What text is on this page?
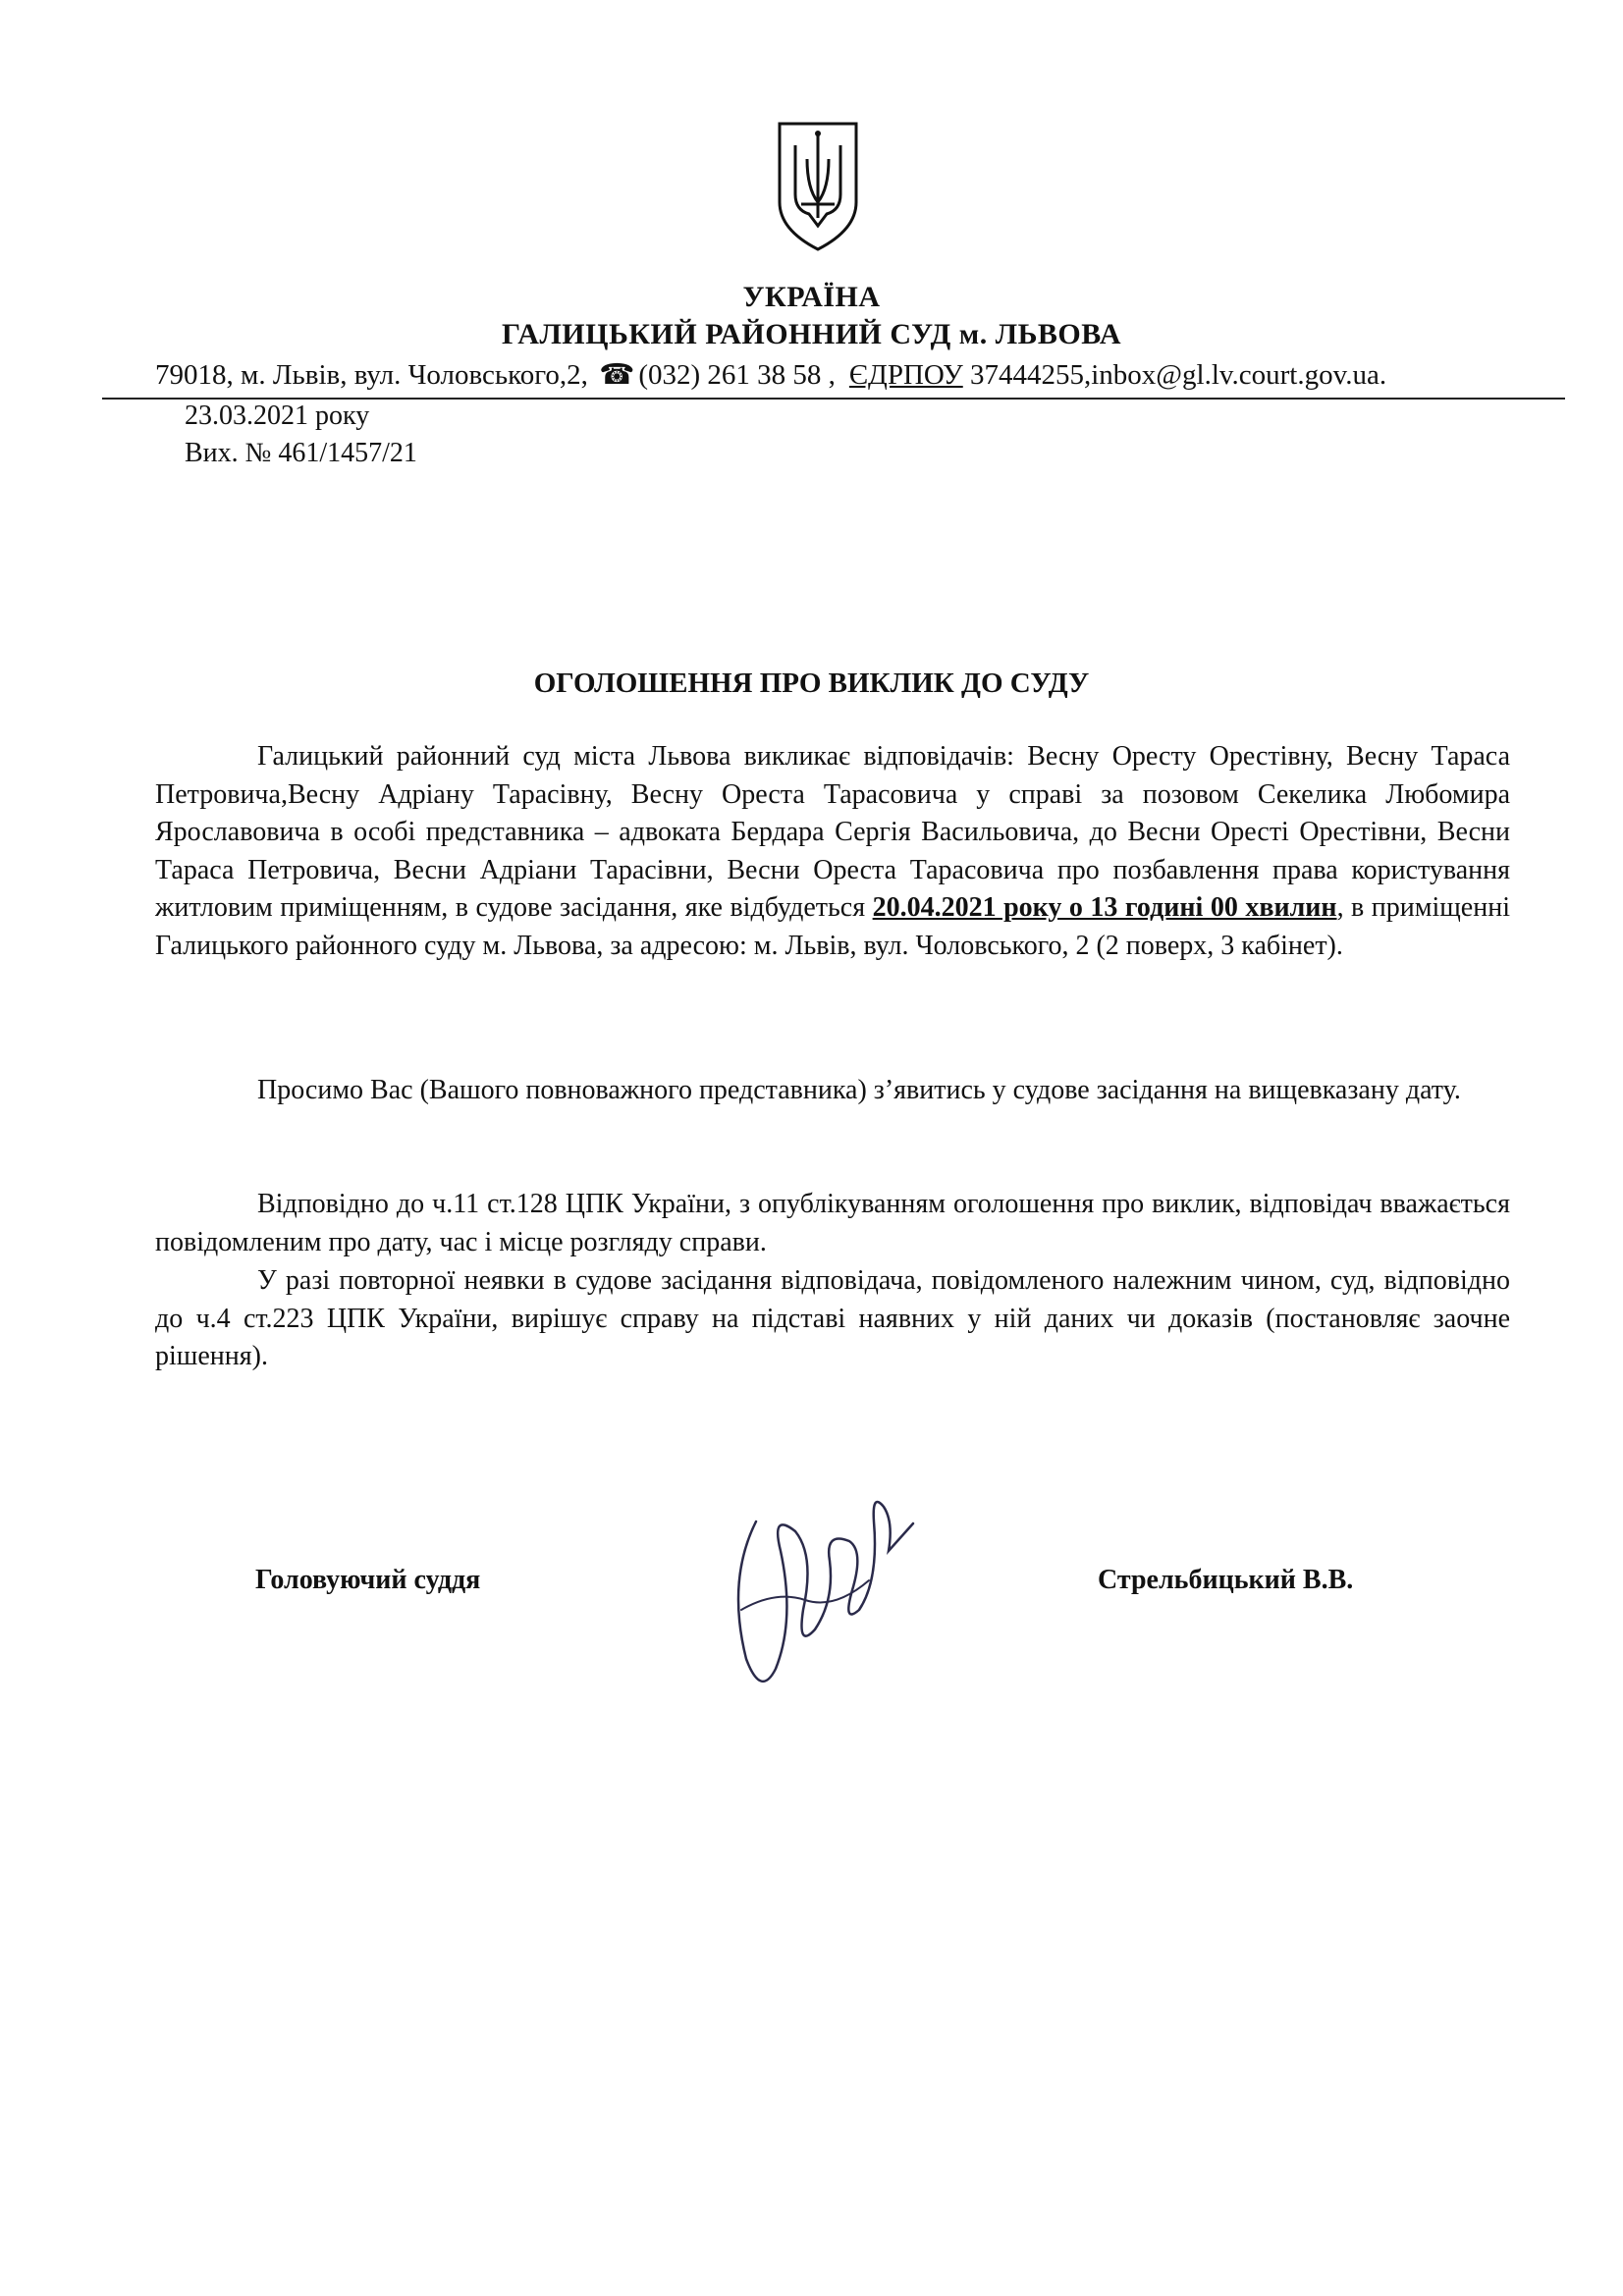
УКРАЇНА
ГАЛИЦЬКИЙ РАЙОННИЙ СУД м. ЛЬВОВА
79018, м. Львів, вул. Чоловського,2, ☎ (032) 261 38 58 , ЄДРПОУ 37444255,inbox@gl.lv.court.gov.ua.
23.03.2021 року
Вих. № 461/1457/21
ОГОЛОШЕННЯ ПРО ВИКЛИК ДО СУДУ
Галицький районний суд міста Львова викликає відповідачів: Весну Оресту Орестівну, Весну Тараса Петровича,Весну Адріану Тарасівну, Весну Ореста Тарасовича у справі за позовом Секелика Любомира Ярославовича в особі представника – адвоката Бердара Сергія Васильовича, до Весни Оресті Орестівни, Весни Тараса Петровича, Весни Адріани Тарасівни, Весни Ореста Тарасовича про позбавлення права користування житловим приміщенням, в судове засідання, яке відбудеться 20.04.2021 року о 13 годині 00 хвилин, в приміщенні Галицького районного суду м. Львова, за адресою: м. Львів, вул. Чоловського, 2 (2 поверх, 3 кабінет).
Просимо Вас (Вашого повноважного представника) з’явитись у судове засідання на вищевказану дату.
Відповідно до ч.11 ст.128 ЦПК України, з опублікуванням оголошення про виклик, відповідач вважається повідомленим про дату, час і місце розгляду справи.
У разі повторної неявки в судове засідання відповідача, повідомленого належним чином, суд, відповідно до ч.4 ст.223 ЦПК України, вирішує справу на підставі наявних у ній даних чи доказів (постановляє заочне рішення).
Головуючий суддя	Стрельбицький В.В.
